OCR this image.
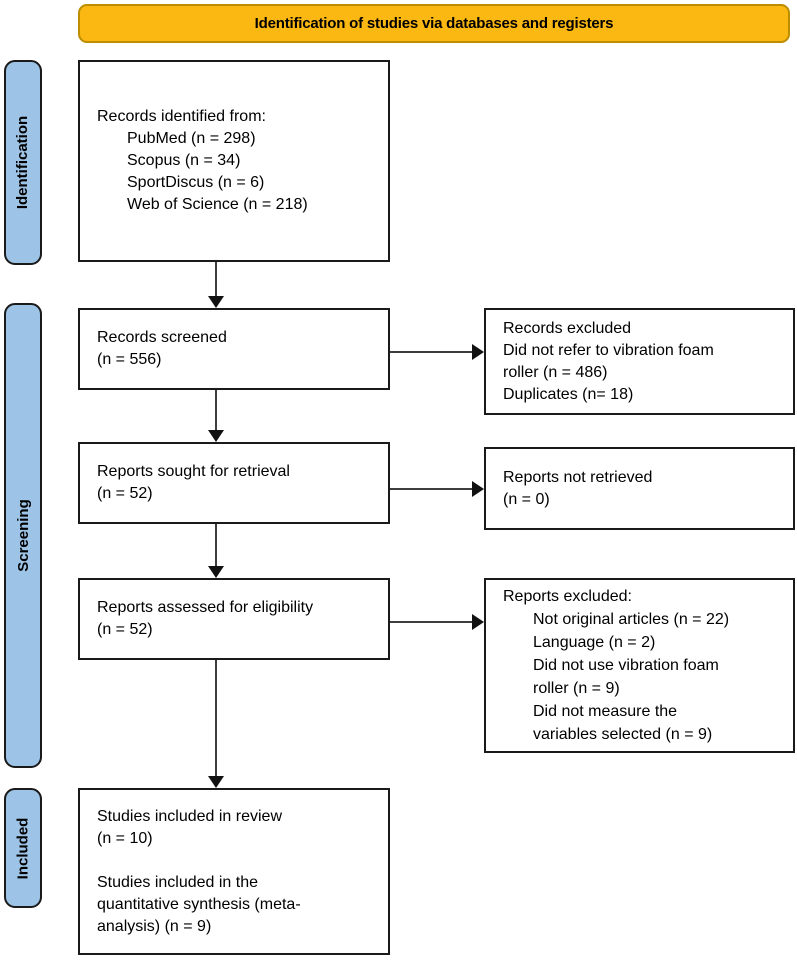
Identification of studies via databases and registers
Identification
Screening
Included
Records identified from:
PubMed (n = 298)
Scopus (n = 34)
SportDiscus (n = 6)
Web of Science (n = 218)
Records screened
(n = 556)
Records excluded
Did not refer to vibration foam
roller (n = 486)
Duplicates (n= 18)
Reports sought for retrieval
(n = 52)
Reports not retrieved
(n = 0)
Reports assessed for eligibility
(n = 52)
Reports excluded:
Not original articles (n = 22)
Language (n = 2)
Did not use vibration foam
roller (n = 9)
Did not measure the
variables selected (n = 9)
Studies included in review
(n = 10)
Studies included in the
quantitative synthesis (meta-
analysis) (n = 9)
